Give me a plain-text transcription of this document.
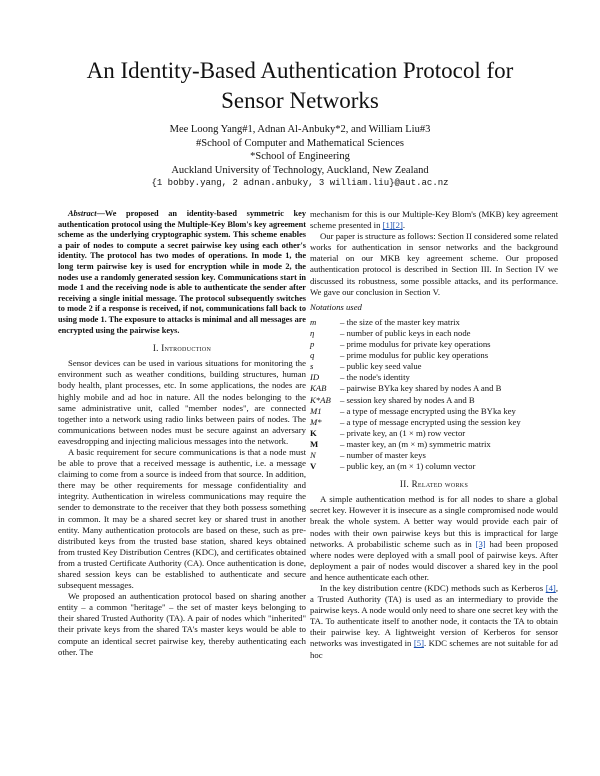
An Identity-Based Authentication Protocol for
Sensor Networks
Mee Loong Yang#1, Adnan Al-Anbuky*2, and William Liu#3
#School of Computer and Mathematical Sciences
*School of Engineering
Auckland University of Technology, Auckland, New Zealand
{1 bobby.yang, 2 adnan.anbuky, 3 william.liu}@aut.ac.nz

Abstract—We proposed an identity-based symmetric key authentication protocol using the Multiple-Key Blom's key agreement scheme as the underlying cryptographic system. This scheme enables a pair of nodes to compute a secret pairwise key using each other's identity. The protocol has two modes of operations. In mode 1, the long term pairwise key is used for encryption while in mode 2, the nodes use a randomly generated session key. Communications start in mode 1 and the receiving node is able to authenticate the sender after receiving a single initial message. The protocol subsequently switches to mode 2 if a response is received, if not, communications fall back to using mode 1. The exposure to attacks is minimal and all messages are encrypted using the pairwise keys.

I. Introduction

Sensor devices can be used in various situations for monitoring the environment such as weather conditions, building structures, human body health, plant processes, etc. In some applications, the nodes are highly mobile and ad hoc in nature. All the nodes belonging to the same administrative unit, called "member nodes", are connected together into a network using radio links between pairs of nodes. The communications between nodes must be secure against an adversary eavesdropping and injecting malicious messages into the network.

A basic requirement for secure communications is that a node must be able to prove that a received message is authentic, i.e. a message claiming to come from a source is indeed from that source. In addition, there may be other requirements for message confidentiality and integrity. Authentication in wireless communications may require the sender to demonstrate to the receiver that they both possess something in common. It may be a shared secret key or shared trust in another entity. Many authentication protocols are based on these, such as pre-distributed keys from the trusted base station, shared keys obtained from trusted Key Distribution Centres (KDC), and certificates obtained from a trusted Certificate Authority (CA). Once authentication is done, shared session keys can be established to authenticate and secure subsequent messages.

We proposed an authentication protocol based on sharing another entity – a common "heritage" – the set of master keys belonging to their shared Trusted Authority (TA). A pair of nodes which "inherited" their private keys from the shared TA's master keys would be able to compute an identical secret pairwise key, thereby authenticating each other. The

mechanism for this is our Multiple-Key Blom's (MKB) key agreement scheme presented in [1][2].

Our paper is structure as follows: Section II considered some related works for authentication in sensor networks and the background material on our MKB key agreement scheme. Our proposed authentication protocol is described in Section III. In Section IV we discussed its robustness, some possible attacks, and its performance. We gave our conclusion in Section V.

Notations used
m	– the size of the master key matrix
η	– number of public keys in each node
p	– prime modulus for private key operations
q	– prime modulus for public key operations
s	– public key seed value
ID	– the node's identity
KAB	– pairwise BYka key shared by nodes A and B
K*AB	– session key shared by nodes A and B
M1	– a type of message encrypted using the BYka key
M*	– a type of message encrypted using the session key
K	– private key, an (1 × m) row vector
M	– master key, an (m × m) symmetric matrix
N	– number of master keys
V	– public key, an (m × 1) column vector
II. Related works

A simple authentication method is for all nodes to share a global secret key. However it is insecure as a single compromised node would break the whole system. A better way would provide each pair of nodes with their own pairwise keys but this is impractical for large networks. A probabilistic scheme such as in [3] had been proposed where nodes were deployed with a small pool of pairwise keys. After deployment a pair of nodes would discover a shared key in the pool and hence authenticate each other.

In the key distribution centre (KDC) methods such as Kerberos [4], a Trusted Authority (TA) is used as an intermediary to provide the pairwise keys. A node would only need to share one secret key with the TA. To authenticate itself to another node, it contacts the TA to obtain their pairwise key. A lightweight version of Kerberos for sensor networks was investigated in [5]. KDC schemes are not suitable for ad hoc
